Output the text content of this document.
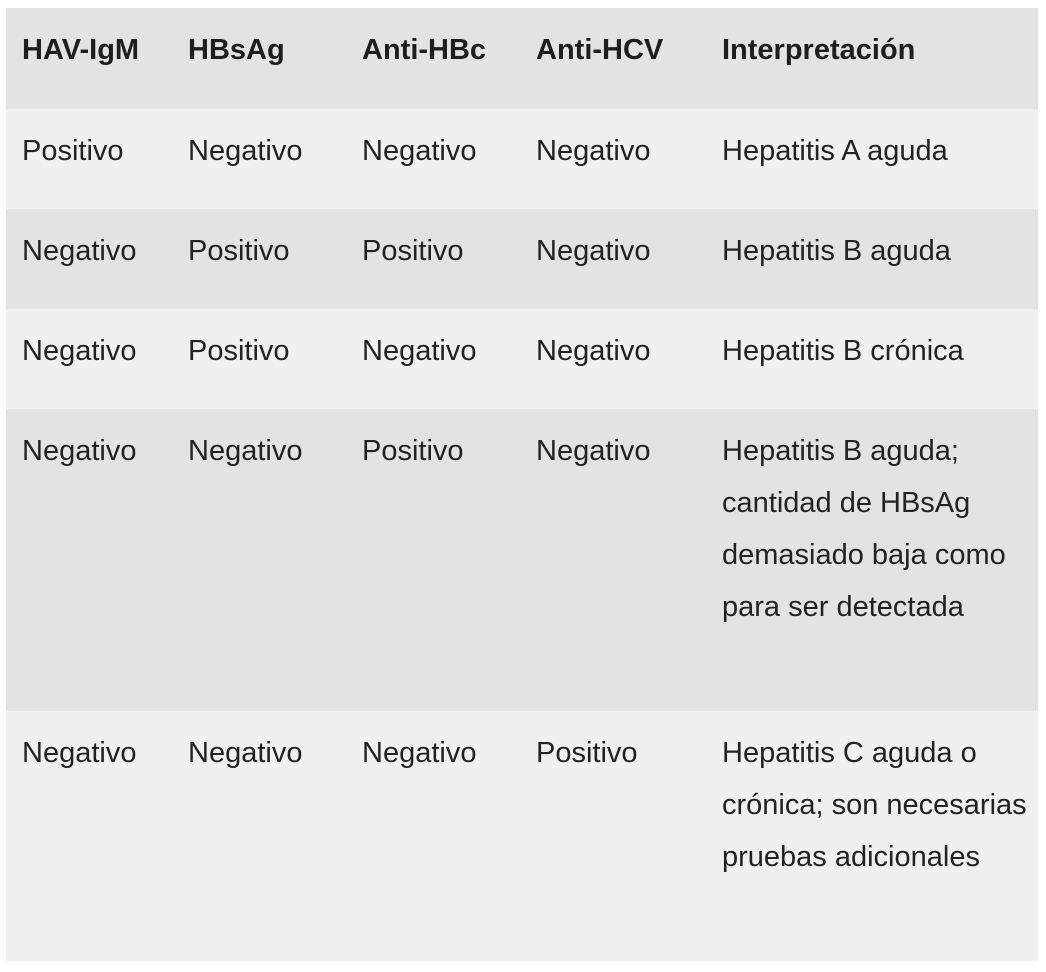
HAV-IgM	HBsAg	Anti-HBc	Anti-HCV	Interpretación
Positivo	Negativo	Negativo	Negativo	Hepatitis A aguda
Negativo	Positivo	Positivo	Negativo	Hepatitis B aguda
Negativo	Positivo	Negativo	Negativo	Hepatitis B crónica
Negativo	Negativo	Positivo	Negativo	Hepatitis B aguda; cantidad de HBsAg demasiado baja como para ser detectada
Negativo	Negativo	Negativo	Positivo	Hepatitis C aguda o crónica; son necesarias pruebas adicionales
